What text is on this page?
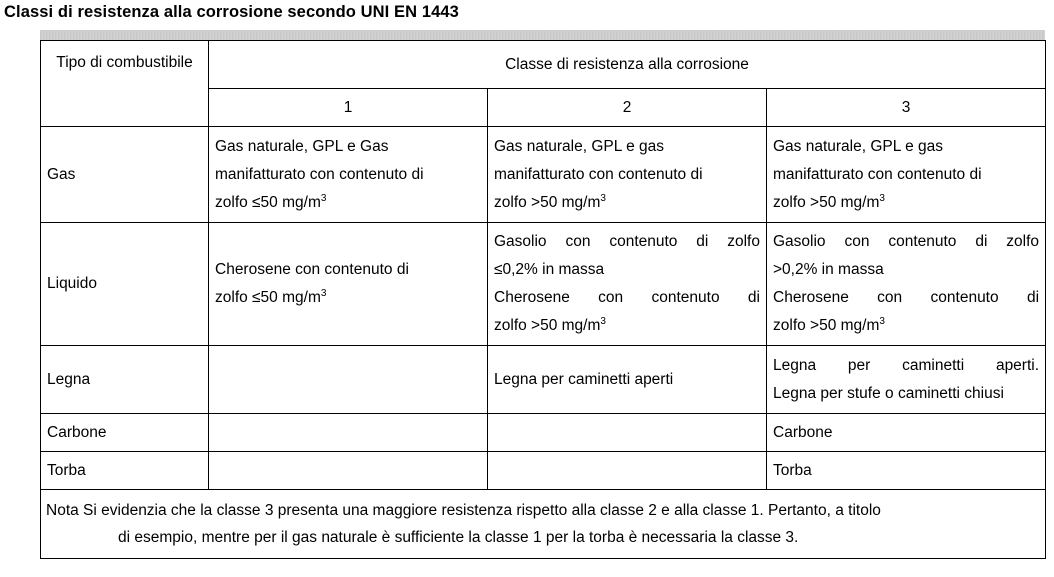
Classi di resistenza alla corrosione secondo UNI EN 1443
Tipo di combustibile	Classe di resistenza alla corrosione		
	1	2	3
Gas	Gas naturale, GPL e Gas
manifatturato con contenuto di
zolfo ≤50 $mg/m^3$	Gas naturale, GPL e gas
manifatturato con contenuto di
zolfo >50 $mg/m^3$	Gas naturale, GPL e gas
manifatturato con contenuto di
zolfo >50 $mg/m^3$

Liquido	Cherosene con contenuto di
zolfo ≤50 $mg/m^3$	Gasolio con contenuto di zolfo
≤0,2% in massa
Cherosene con contenuto di
zolfo >50 $mg/m^3$	Gasolio con contenuto di zolfo
>0,2% in massa
Cherosene con contenuto di
zolfo >50 $mg/m^3$

Legna		Legna per caminetti aperti	Legna per caminetti aperti.
Legna per stufe o caminetti chiusi

Carbone			Carbone
Torba			Torba

Nota Si evidenzia che la classe 3 presenta una maggiore resistenza rispetto alla classe 2 e alla classe 1. Pertanto, a titolo
di esempio, mentre per il gas naturale è sufficiente la classe 1 per la torba è necessaria la classe 3.			
